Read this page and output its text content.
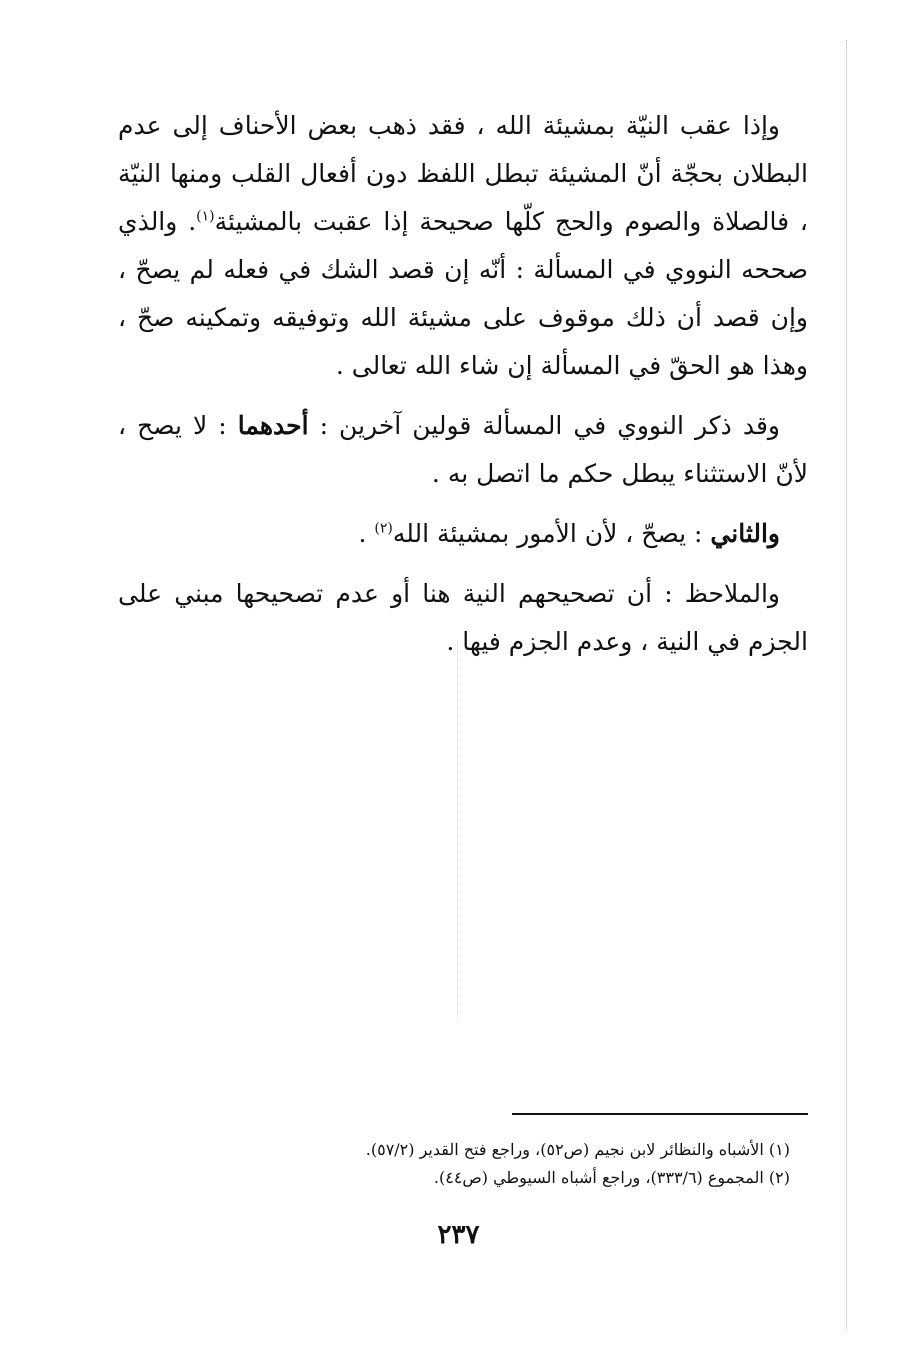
وإذا عقب النيّة بمشيئة الله ، فقد ذهب بعض الأحناف إلى عدم البطلان بحجّة أنّ المشيئة تبطل اللفظ دون أفعال القلب ومنها النيّة ، فالصلاة والصوم والحج كلّها صحيحة إذا عقبت بالمشيئة$^{(١)}$. والذي صححه النووي في المسألة : أنّه إن قصد الشك في فعله لم يصحّ ، وإن قصد أن ذلك موقوف على مشيئة الله وتوفيقه وتمكينه صحّ ، وهذا هو الحقّ في المسألة إن شاء الله تعالى .

وقد ذكر النووي في المسألة قولين آخرين : أحدهما : لا يصح ، لأنّ الاستثناء يبطل حكم ما اتصل به .

والثاني : يصحّ ، لأن الأمور بمشيئة الله$^{(٢)}$ .

والملاحظ : أن تصحيحهم النية هنا أو عدم تصحيحها مبني على الجزم في النية ، وعدم الجزم فيها .

(١) الأشباه والنظائر لابن نجيم (ص٥٢)، وراجع فتح القدير (٥٧/٢).
(٢) المجموع (٣٣٣/٦)، وراجع أشباه السيوطي (ص٤٤).
٢٣٧
